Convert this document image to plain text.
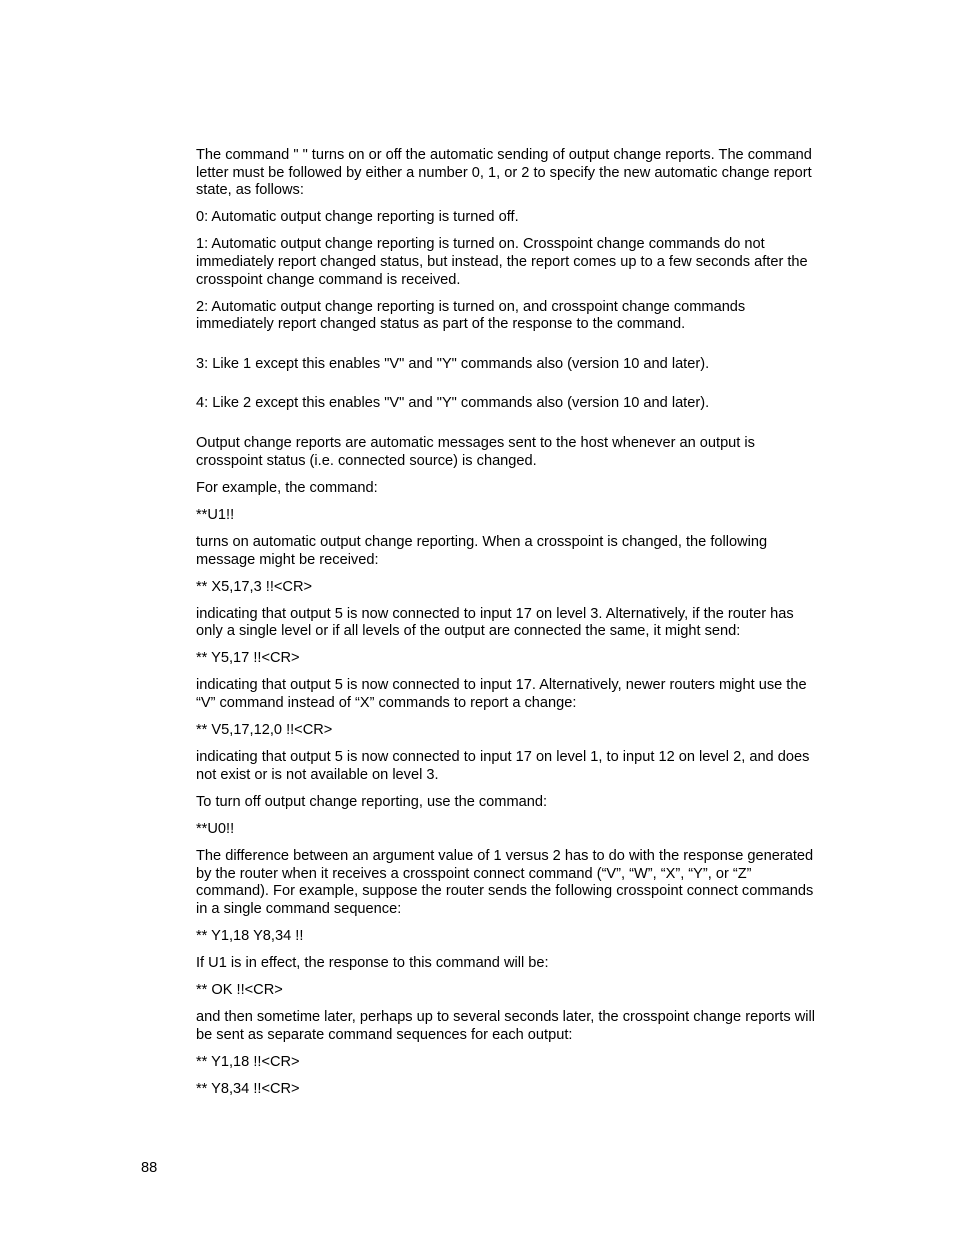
The command " " turns on or off the automatic sending of output change reports. The command letter must be followed by either a number 0, 1, or 2 to specify the new automatic change report state, as follows:

0: Automatic output change reporting is turned off.

1: Automatic output change reporting is turned on. Crosspoint change commands do not immediately report changed status, but instead, the report comes up to a few seconds after the crosspoint change command is received.

2: Automatic output change reporting is turned on, and crosspoint change commands immediately report changed status as part of the response to the command.

3: Like 1 except this enables "V" and "Y" commands also (version 10 and later).

4: Like 2 except this enables "V" and "Y" commands also (version 10 and later).

Output change reports are automatic messages sent to the host whenever an output is crosspoint status (i.e. connected source) is changed.

For example, the command:

**U1!!

turns on automatic output change reporting. When a crosspoint is changed, the following message might be received:

** X5,17,3 !!<CR>

indicating that output 5 is now connected to input 17 on level 3. Alternatively, if the router has only a single level or if all levels of the output are connected the same, it might send:

** Y5,17 !!<CR>

indicating that output 5 is now connected to input 17. Alternatively, newer routers might use the “V” command instead of “X” commands to report a change:

** V5,17,12,0 !!<CR>

indicating that output 5 is now connected to input 17 on level 1, to input 12 on level 2, and does not exist or is not available on level 3.

To turn off output change reporting, use the command:

**U0!!

The difference between an argument value of 1 versus 2 has to do with the response generated by the router when it receives a crosspoint connect command (“V”, “W”, “X”, “Y”, or “Z” command). For example, suppose the router sends the following crosspoint connect commands in a single command sequence:

** Y1,18 Y8,34 !!

If U1 is in effect, the response to this command will be:

** OK !!<CR>

and then sometime later, perhaps up to several seconds later, the crosspoint change reports will be sent as separate command sequences for each output:

** Y1,18 !!<CR>

** Y8,34 !!<CR>

88
